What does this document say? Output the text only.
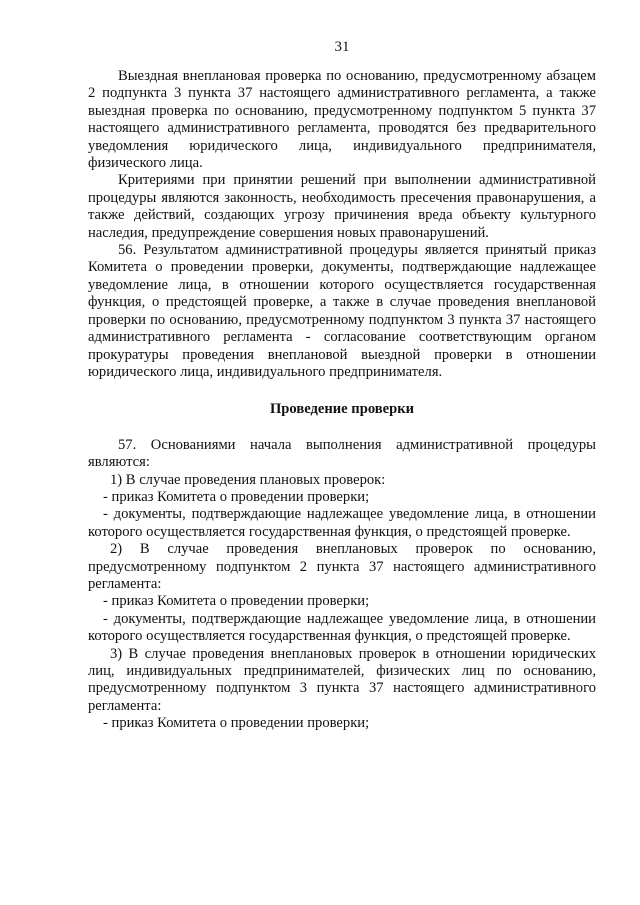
31

Выездная внеплановая проверка по основанию, предусмотренному абзацем 2 подпункта 3 пункта 37 настоящего административного регламента, а также выездная проверка по основанию, предусмотренному подпунктом 5 пункта 37 настоящего административного регламента, проводятся без предварительного уведомления юридического лица, индивидуального предпринимателя, физического лица.

Критериями при принятии решений при выполнении административной процедуры являются законность, необходимость пресечения правонарушения, а также действий, создающих угрозу причинения вреда объекту культурного наследия, предупреждение совершения новых правонарушений.

56. Результатом административной процедуры является принятый приказ Комитета о проведении проверки, документы, подтверждающие надлежащее уведомление лица, в отношении которого осуществляется государственная функция, о предстоящей проверке, а также в случае проведения внеплановой проверки по основанию, предусмотренному подпунктом 3 пункта 37 настоящего административного регламента - согласование соответствующим органом прокуратуры проведения внеплановой выездной проверки в отношении юридического лица, индивидуального предпринимателя.

Проведение проверки

57. Основаниями начала выполнения административной процедуры являются:

1) В случае проведения плановых проверок:

- приказ Комитета о проведении проверки;

- документы, подтверждающие надлежащее уведомление лица, в отношении которого осуществляется государственная функция, о предстоящей проверке.

2) В случае проведения внеплановых проверок по основанию, предусмотренному подпунктом 2 пункта 37 настоящего административного регламента:

- приказ Комитета о проведении проверки;

- документы, подтверждающие надлежащее уведомление лица, в отношении которого осуществляется государственная функция, о предстоящей проверке.

3) В случае проведения внеплановых проверок в отношении юридических лиц, индивидуальных предпринимателей, физических лиц по основанию, предусмотренному подпунктом 3 пункта 37 настоящего административного регламента:

- приказ Комитета о проведении проверки;
